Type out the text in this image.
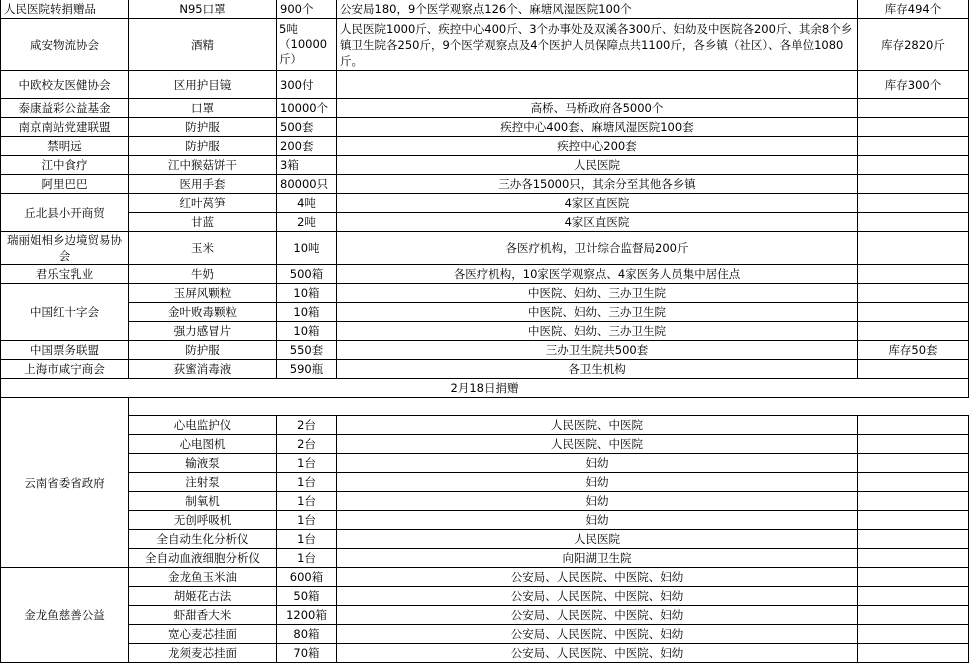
人民医院转捐赠品	N95口罩	900个	公安局180，9个医学观察点126个、麻塘风湿医院100个	库存494个
咸安物流协会	酒精	5吨（10000斤）	人民医院1000斤、疾控中心400斤、3个办事处及双溪各300斤、妇幼及中医院各200斤、其余8个乡镇卫生院各250斤，9个医学观察点及4个医护人员保障点共1100斤，各乡镇（社区）、各单位1080斤。	库存2820斤
中欧校友医健协会	区用护目镜	300付		库存300个
泰康益彩公益基金	口罩	10000个	高桥、马桥政府各5000个	
南京南站党建联盟	防护服	500套	疾控中心400套、麻塘风湿医院100套	
禁明远	防护服	200套	疾控中心200套	
江中食疗	江中猴菇饼干	3箱	人民医院	
阿里巴巴	医用手套	80000只	三办各15000只，其余分至其他各乡镇	
丘北县小开商贸	红叶莴笋	4吨	4家区直医院	
	甘蓝	2吨	4家区直医院	
瑞丽姐相乡边境贸易协会	玉米	10吨	各医疗机构，卫计综合监督局200斤	
君乐宝乳业	牛奶	500箱	各医疗机构，10家医学观察点、4家医务人员集中居住点	
中国红十字会	玉屏风颗粒	10箱	中医院、妇幼、三办卫生院	
	金叶败毒颗粒	10箱	中医院、妇幼、三办卫生院	
	强力感冒片	10箱	中医院、妇幼、三办卫生院	
中国票务联盟	防护服	550套	三办卫生院共500套	库存50套
上海市咸宁商会	荻蜜消毒液	590瓶	各卫生机构	
2月18日捐赠				
云南省委省政府				
	心电监护仪	2台	人民医院、中医院	
	心电图机	2台	人民医院、中医院	
	输液泵	1台	妇幼	
	注射泵	1台	妇幼	
	制氧机	1台	妇幼	
	无创呼吸机	1台	妇幼	
	全自动生化分析仪	1台	人民医院	
	全自动血液细胞分析仪	1台	向阳湖卫生院	
金龙鱼慈善公益	金龙鱼玉米油	600箱	公安局、人民医院、中医院、妇幼	
	胡姬花古法	50箱	公安局、人民医院、中医院、妇幼	
	虾甜香大米	1200箱	公安局、人民医院、中医院、妇幼	
	宽心麦芯挂面	80箱	公安局、人民医院、中医院、妇幼	
	龙须麦芯挂面	70箱	公安局、人民医院、中医院、妇幼	
